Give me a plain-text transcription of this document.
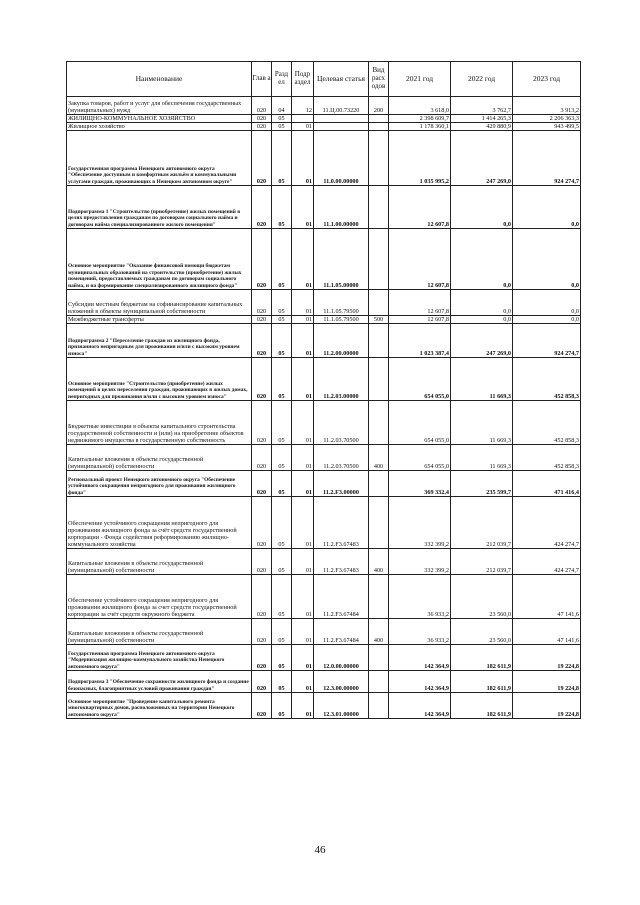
Наименование	Глав а	Разд ел	Подр аздел	Целевая статья	Вид расх одов	2021 год	2022 год	2023 год
Закупка товаров, работ и услуг для обеспечения государственных (муниципальных) нужд	020	04	12	11.Ц.00.73220	200	3 618,0	3 762,7	3 913,2
ЖИЛИЩНО-КОММУНАЛЬНОЕ ХОЗЯЙСТВО	020	05				2 398 609,7	1 414 265,3	2 206 363,3
Жилищное хозяйство	020	05	01			1 178 360,1	429 880,9	943 499,5
Государственная программа Ненецкого автономного округа "Обеспечение доступным и комфортным жильём и коммунальными услугами граждан, проживающих в Ненецком автономном округе"	020	05	01	11.0.00.00000		1 035 995,2	247 269,0	924 274,7
Подпрограмма 1 "Строительство (приобретение) жилых помещений в целях предоставления гражданам по договорам социального найма и договорам найма специализированного жилого помещения"	020	05	01	11.1.00.00000		12 607,8	0,0	0,0
Основное мероприятие "Оказание финансовой помощи бюджетам муниципальных образований на строительство (приобретение) жилых помещений, предоставляемых гражданам по договорам социального найма, и на формирование специализированного жилищного фонда"	020	05	01	11.1.05.00000		12 607,8	0,0	0,0
Субсидии местным бюджетам на софинансирование капитальных вложений в объекты муниципальной собственности	020	05	01	11.1.05.79500		12 607,8	0,0	0,0
Межбюджетные трансферты	020	05	01	11.1.05.79500	500	12 607,8	0,0	0,0
Подпрограмма 2 "Переселение граждан из жилищного фонда, признанного непригодным для проживания и/или с высоким уровнем износа"	020	05	01	11.2.00.00000		1 023 387,4	247 269,0	924 274,7
Основное мероприятие "Строительство (приобретение) жилых помещений в целях переселения граждан, проживающих в жилых домах, непригодных для проживания и/или с высоким уровнем износа"	020	05	01	11.2.03.00000		654 055,0	11 669,3	452 858,3
Бюджетные инвестиции в объекты капитального строительства государственной собственности и (или) на приобретение объектов недвижимого имущества в государственную собственность	020	05	01	11.2.03.70500		654 055,0	11 669,3	452 858,3
Капитальные вложения в объекты государственной (муниципальной) собственности	020	05	01	11.2.03.70500	400	654 055,0	11 669,3	452 858,3
Региональный проект Ненецкого автономного округа "Обеспечение устойчивого сокращения непригодного для проживания жилищного фонда"	020	05	01	11.2.F3.00000		369 332,4	235 599,7	471 416,4
Обеспечение устойчивого сокращения непригодного для проживания жилищного фонда за счёт средств государственной корпорации - Фонда содействия реформированию жилищно-коммунального хозяйства	020	05	01	11.2.F3.67483		332 399,2	212 039,7	424 274,7
Капитальные вложения в объекты государственной (муниципальной) собственности	020	05	01	11.2.F3.67483	400	332 399,2	212 039,7	424 274,7
Обеспечение устойчивого сокращения непригодного для проживания жилищного фонда за счет средств государственной корпорации за счёт средств окружного бюджета	020	05	01	11.2.F3.67484		36 933,2	23 560,0	47 141,6
Капитальные вложения в объекты государственной (муниципальной) собственности	020	05	01	11.2.F3.67484	400	36 933,2	23 560,0	47 141,6
Государственная программа Ненецкого автономного округа "Модернизация жилищно-коммунального хозяйства Ненецкого автономного округа"	020	05	01	12.0.00.00000		142 364,9	182 611,9	19 224,8
Подпрограмма 3 "Обеспечение сохранности жилищного фонда и создание безопасных, благоприятных условий проживания граждан"	020	05	01	12.3.00.00000		142 364,9	182 611,9	19 224,8
Основное мероприятие "Проведение капитального ремонта многоквартирных домов, расположенных на территории Ненецкого автономного округа"	020	05	01	12.3.01.00000		142 364,9	182 611,9	19 224,8
46
